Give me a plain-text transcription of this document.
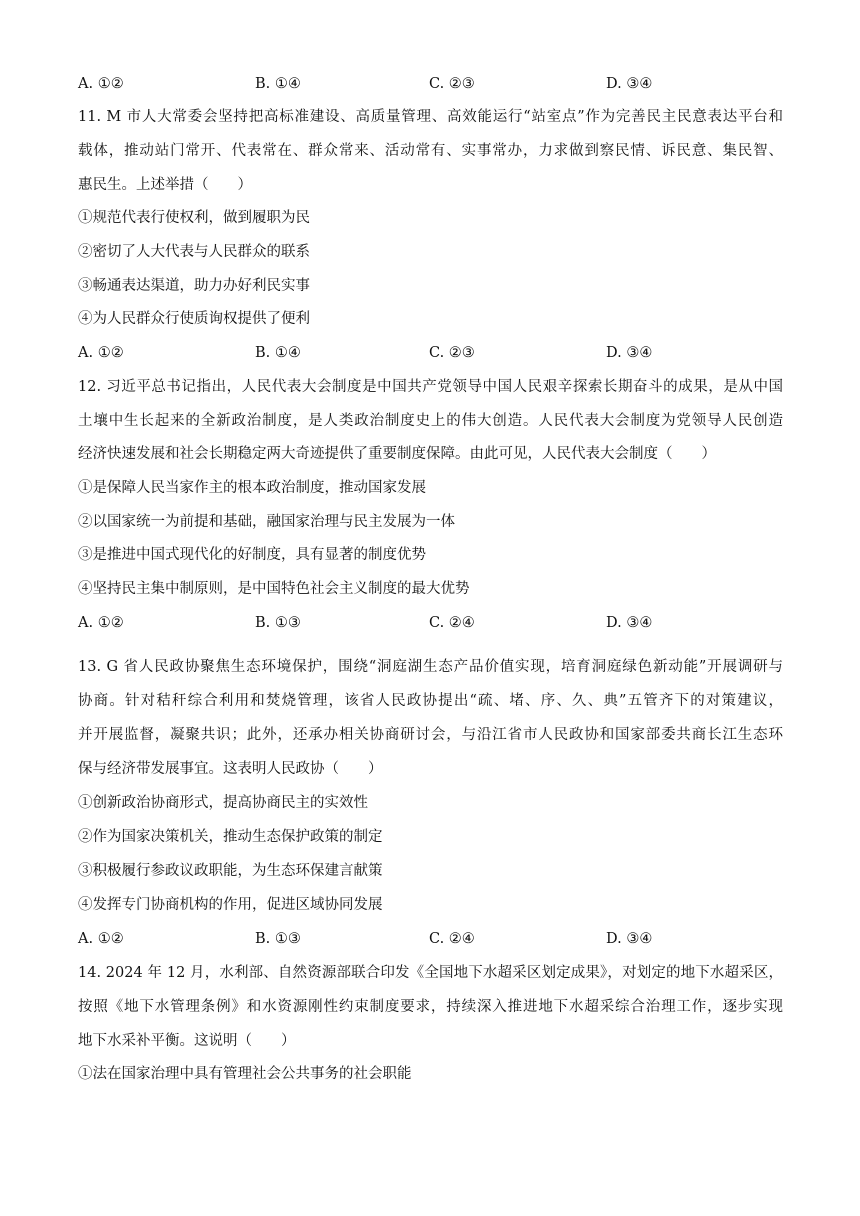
A. ①②	B. ①④	C. ②③	D. ③④
11. M 市人大常委会坚持把高标准建设、高质量管理、高效能运行“站室点”作为完善民主民意表达平台和
载体，推动站门常开、代表常在、群众常来、活动常有、实事常办，力求做到察民情、诉民意、集民智、
惠民生。上述举措（　　）
①规范代表行使权利，做到履职为民
②密切了人大代表与人民群众的联系
③畅通表达渠道，助力办好利民实事
④为人民群众行使质询权提供了便利
A. ①②	B. ①④	C. ②③	D. ③④
12. 习近平总书记指出，人民代表大会制度是中国共产党领导中国人民艰辛探索长期奋斗的成果，是从中国
土壤中生长起来的全新政治制度，是人类政治制度史上的伟大创造。人民代表大会制度为党领导人民创造
经济快速发展和社会长期稳定两大奇迹提供了重要制度保障。由此可见，人民代表大会制度（　　）
①是保障人民当家作主的根本政治制度，推动国家发展
②以国家统一为前提和基础，融国家治理与民主发展为一体
③是推进中国式现代化的好制度，具有显著的制度优势
④坚持民主集中制原则，是中国特色社会主义制度的最大优势
A. ①②	B. ①③	C. ②④	D. ③④
13. G 省人民政协聚焦生态环境保护，围绕“洞庭湖生态产品价值实现，培育洞庭绿色新动能”开展调研与
协商。针对秸秆综合利用和焚烧管理，该省人民政协提出“疏、堵、序、久、典”五管齐下的对策建议，
并开展监督，凝聚共识；此外，还承办相关协商研讨会，与沿江省市人民政协和国家部委共商长江生态环
保与经济带发展事宜。这表明人民政协（　　）
①创新政治协商形式，提高协商民主的实效性
②作为国家决策机关，推动生态保护政策的制定
③积极履行参政议政职能，为生态环保建言献策
④发挥专门协商机构的作用，促进区域协同发展
A. ①②	B. ①③	C. ②④	D. ③④
14. 2024 年 12 月，水利部、自然资源部联合印发《全国地下水超采区划定成果》，对划定的地下水超采区，
按照《地下水管理条例》和水资源刚性约束制度要求，持续深入推进地下水超采综合治理工作，逐步实现
地下水采补平衡。这说明（　　）
①法在国家治理中具有管理社会公共事务的社会职能
